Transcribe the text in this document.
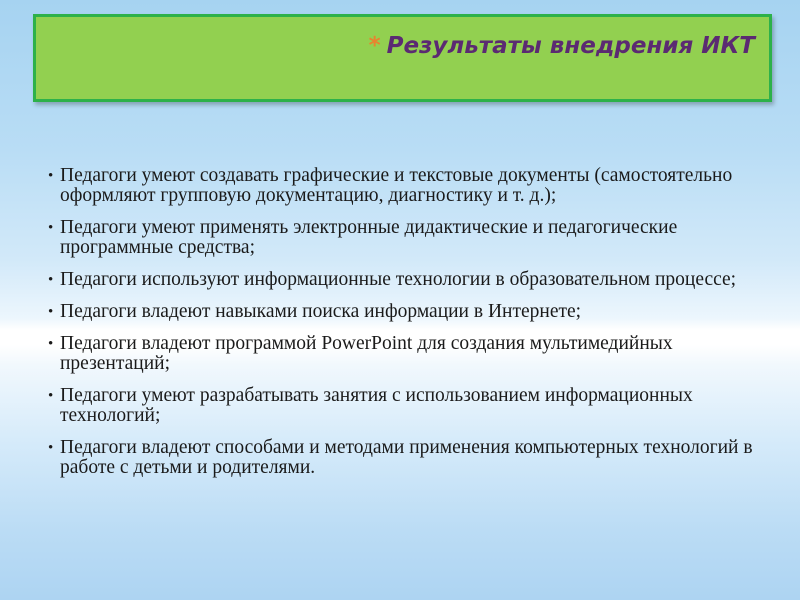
* Результаты внедрения ИКТ
• Педагоги умеют создавать графические и текстовые документы (самостоятельно оформляют групповую документацию, диагностику и т. д.);
• Педагоги умеют применять электронные дидактические и педагогические программные средства;
• Педагоги используют информационные технологии в образовательном процессе;
• Педагоги владеют навыками поиска информации в Интернете;
• Педагоги владеют программой PowerPoint для создания мультимедийных презентаций;
• Педагоги умеют разрабатывать занятия с использованием информационных технологий;
• Педагоги владеют способами и методами применения компьютерных технологий в работе с детьми и родителями.
